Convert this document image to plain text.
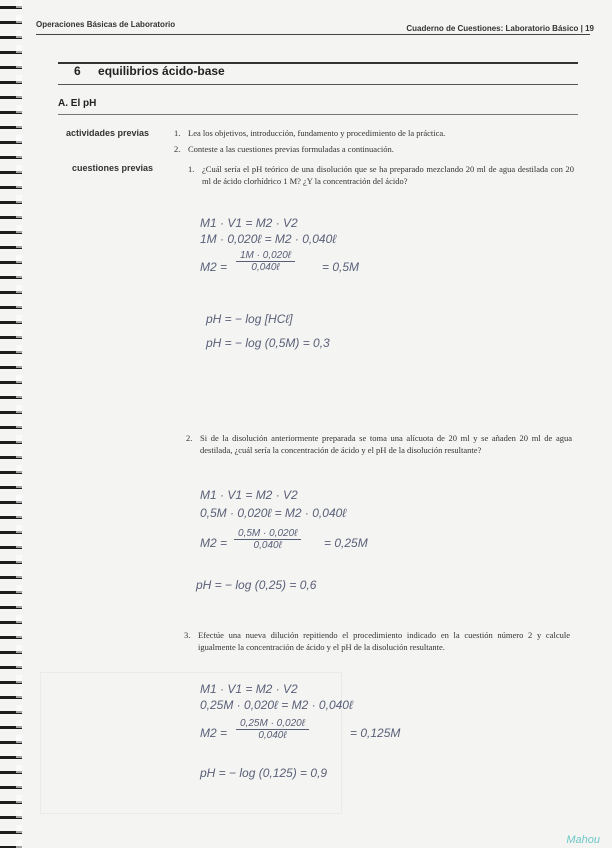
Operaciones Básicas de Laboratorio	Cuaderno de Cuestiones: Laboratorio Básico | 19
6 equilibrios ácido-base
A. El pH
actividades previas	1. Lea los objetivos, introducción, fundamento y procedimiento de la práctica.
2. Conteste a las cuestiones previas formuladas a continuación.
cuestiones previas	1. ¿Cuál sería el pH teórico de una disolución que se ha preparado mezclando 20 ml de agua destilada con 20 ml de ácido clorhídrico 1 M? ¿Y la concentración del ácido?
M1 · V1 = M2 · V2
1M · 0,020ℓ = M2 · 0,040ℓ
M2 =
1M · 0,020ℓ
0,040ℓ	= 0,5M
pH = − log [HCℓ]
pH = − log (0,5M) = 0,3
2. Si de la disolución anteriormente preparada se toma una alícuota de 20 ml y se añaden 20 ml de agua destilada, ¿cuál sería la concentración de ácido y el pH de la disolución resultante?
M1 · V1 = M2 · V2
0,5M · 0,020ℓ = M2 · 0,040ℓ
M2 =
0,5M · 0,020ℓ
0,040ℓ	= 0,25M
pH = − log (0,25) = 0,6
3. Efectúe una nueva dilución repitiendo el procedimiento indicado en la cuestión número 2 y calcule igualmente la concentración de ácido y el pH de la disolución resultante.
M1 · V1 = M2 · V2
0,25M · 0,020ℓ = M2 · 0,040ℓ
M2 =
0,25M · 0,020ℓ
0,040ℓ	= 0,125M
pH = − log (0,125) = 0,9
Mahou
